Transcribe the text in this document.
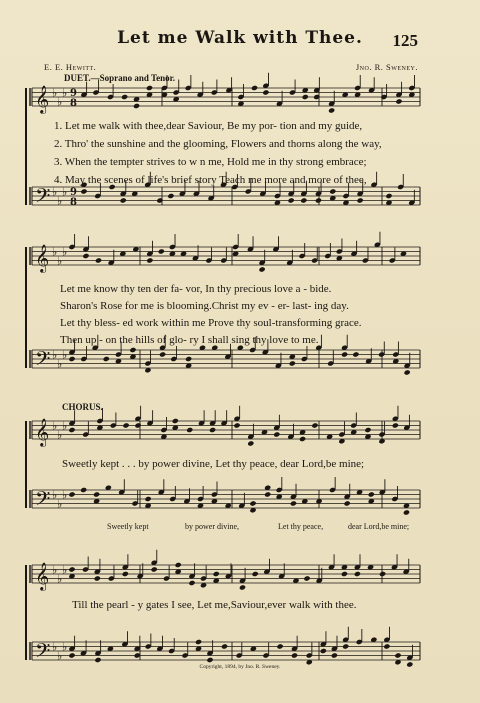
𝄞 ♭
♭
♭ 9
8
𝄢 ♭
♭
♭ 9
8
𝄞 ♭
♭
♭
𝄢 ♭
♭
♭
𝄞 ♭
♭
♭
𝄢 ♭
♭
♭
𝄞 ♭
♭
♭
𝄢 ♭
♭
♭
Let me Walk with Thee.	125
E. E. Hewitt.	Jno. R. Sweney.
DUET.—Soprano and Tenor.
1. Let me walk with thee,dear Saviour, Be my por- tion and my guide,
2. Thro' the sunshine and the glooming, Flowers and thorns along the way,
3. When the tempter strives to w n me, Hold me in thy strong embrace;
4. May the scenes of life's brief story Teach me more and more of thee,
Let me know thy ten der fa- vor, In thy precious love a - bide.
Sharon's Rose for me is blooming.Christ my ev - er- last- ing day.
Let thy bless- ed work within me Prove thy soul-transforming grace.
Then up - on the hills of glo- ry I shall sing thy love to me.
CHORUS.
Sweetly kept . . . by power divine, Let thy peace, dear Lord,be mine;
Sweetly kept	by power divine,	Let thy peace,	dear Lord,be mine;
Till the pearl - y gates I see, Let me,Saviour,ever walk with thee.
Copyright, 1894, by Jno. R. Sweney.
